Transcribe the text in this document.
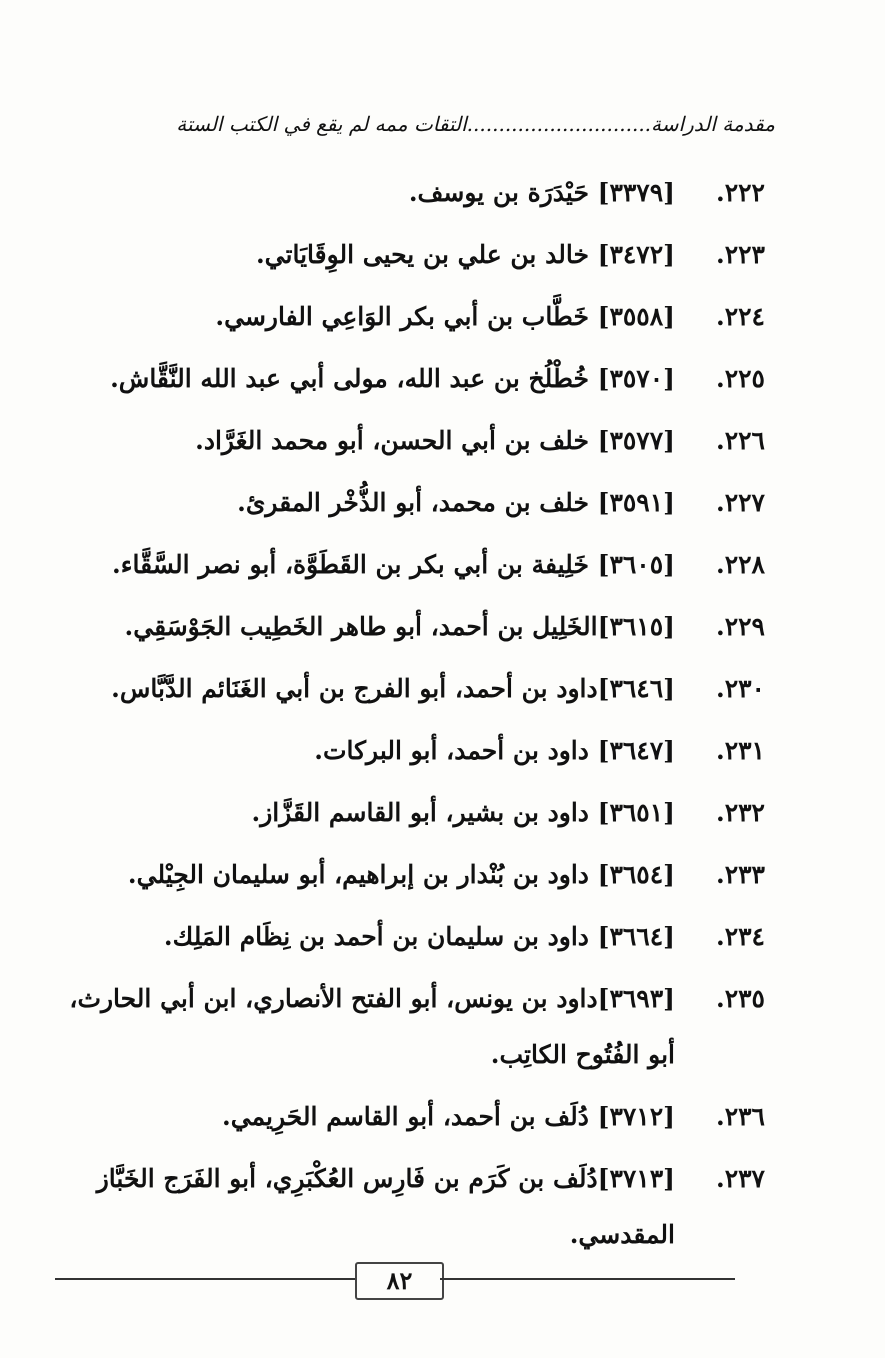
مقدمة الدراسة.............................التقات ممه لم يقع في الكتب الستة
٢٢٢.
[٣٣٧٩] حَيْدَرَة بن يوسف.
٢٢٣.
[٣٤٧٢] خالد بن علي بن يحيى الوِقَايَاتي.
٢٢٤.
[٣٥٥٨] خَطَّاب بن أبي بكر الوَاعِي الفارسي.
٢٢٥.
[٣٥٧٠] خُطْلُخ بن عبد الله، مولى أبي عبد الله النَّقَّاش.
٢٢٦.
[٣٥٧٧] خلف بن أبي الحسن، أبو محمد الغَرَّاد.
٢٢٧.
[٣٥٩١] خلف بن محمد، أبو الذُّخْر المقرئ.
٢٢٨.
[٣٦٠٥] خَلِيفة بن أبي بكر بن القَطَوَّة، أبو نصر السَّقَّاء.
٢٢٩.
[٣٦١٥]الخَلِيل بن أحمد، أبو طاهر الخَطِيب الجَوْسَقِي.
٢٣٠.
[٣٦٤٦]داود بن أحمد، أبو الفرج بن أبي الغَنَائم الدَّبَّاس.
٢٣١.
[٣٦٤٧] داود بن أحمد، أبو البركات.
٢٣٢.
[٣٦٥١] داود بن بشير، أبو القاسم القَزَّاز.
٢٣٣.
[٣٦٥٤] داود بن بُنْدار بن إبراهيم، أبو سليمان الجِيْلي.
٢٣٤.
[٣٦٦٤] داود بن سليمان بن أحمد بن نِظَام المَلِك.
٢٣٥.
[٣٦٩٣]داود بن يونس، أبو الفتح الأنصاري، ابن أبي الحارث، أبو الفُتُوح الكاتِب.
٢٣٦.
[٣٧١٢] دُلَف بن أحمد، أبو القاسم الحَرِيمي.
٢٣٧.
[٣٧١٣]دُلَف بن كَرَم بن فَارِس العُكْبَرِي، أبو الفَرَج الخَبَّاز المقدسي.
٨٢
